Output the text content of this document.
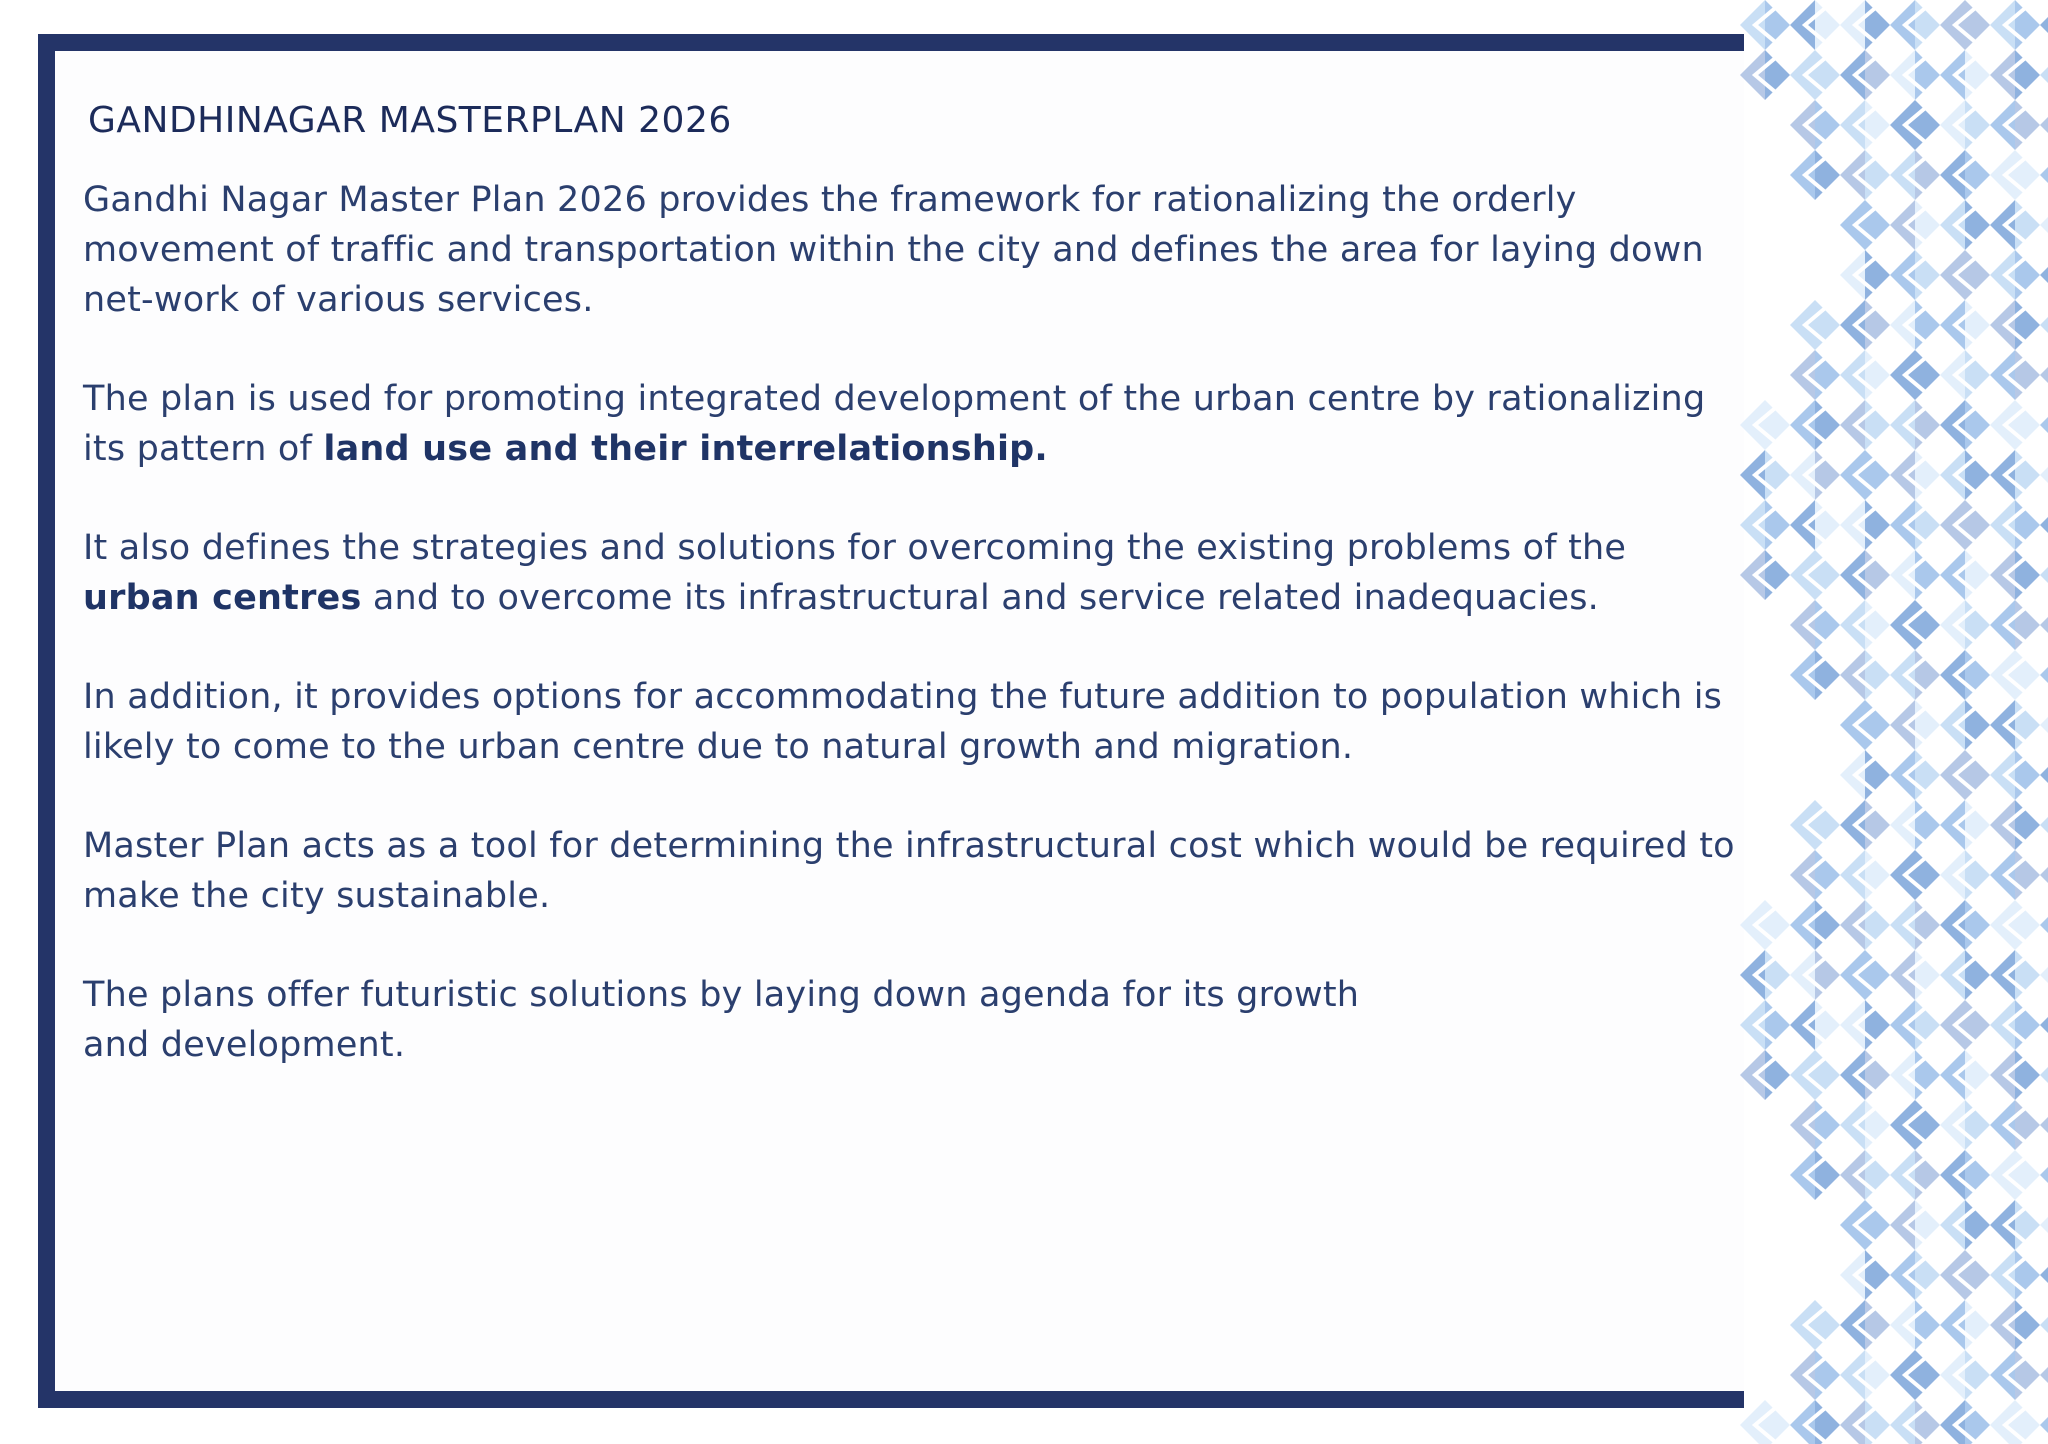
GANDHINAGAR MASTERPLAN 2026

Gandhi Nagar Master Plan 2026 provides the framework for rationalizing the orderly movement of traffic and transportation within the city and defines the area for laying down net-work of various services.

The plan is used for promoting integrated development of the urban centre by rationalizing its pattern of land use and their interrelationship.

It also defines the strategies and solutions for overcoming the existing problems of the urban centres and to overcome its infrastructural and service related inadequacies.

In addition, it provides options for accommodating the future addition to population which is likely to come to the urban centre due to natural growth and migration.

Master Plan acts as a tool for determining the infrastructural cost which would be required to make the city sustainable.

The plans offer futuristic solutions by laying down agenda for its growth
and development.
